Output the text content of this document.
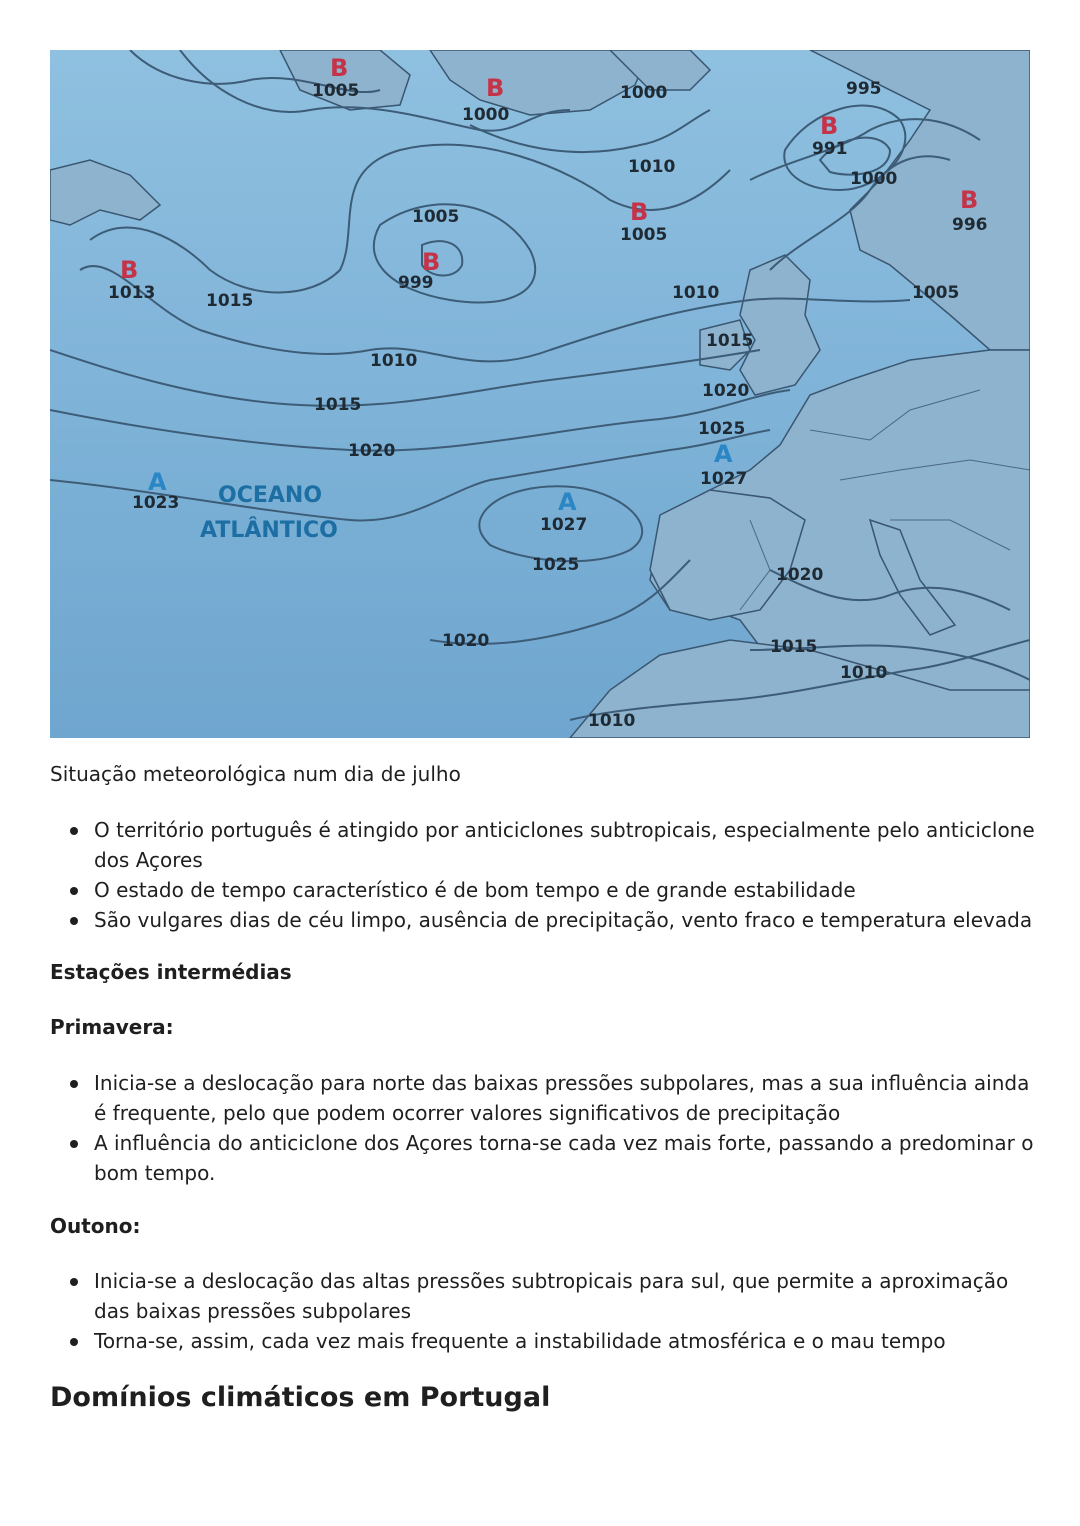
B
1005	B
1000	B
991
B
996
B
1005
B
999
B
1013
A
1023	A
1027
A
1027
OCEANO
ATLÂNTICO
1000	995
1010
1000
1005
1010	1005
1015
1015
1010
1020
1015
1025
1020
1025	1020
1020	1015
1010
1010
Situação meteorológica num dia de julho
O território português é atingido por anticiclones subtropicais, especialmente pelo anticiclone dos Açores
O estado de tempo característico é de bom tempo e de grande estabilidade
São vulgares dias de céu limpo, ausência de precipitação, vento fraco e temperatura elevada
Estações intermédias
Primavera:
Inicia-se a deslocação para norte das baixas pressões subpolares, mas a sua influência ainda é frequente, pelo que podem ocorrer valores significativos de precipitação
A influência do anticiclone dos Açores torna-se cada vez mais forte, passando a predominar o bom tempo.
Outono:
Inicia-se a deslocação das altas pressões subtropicais para sul, que permite a aproximação das baixas pressões subpolares
Torna-se, assim, cada vez mais frequente a instabilidade atmosférica e o mau tempo
Domínios climáticos em Portugal
